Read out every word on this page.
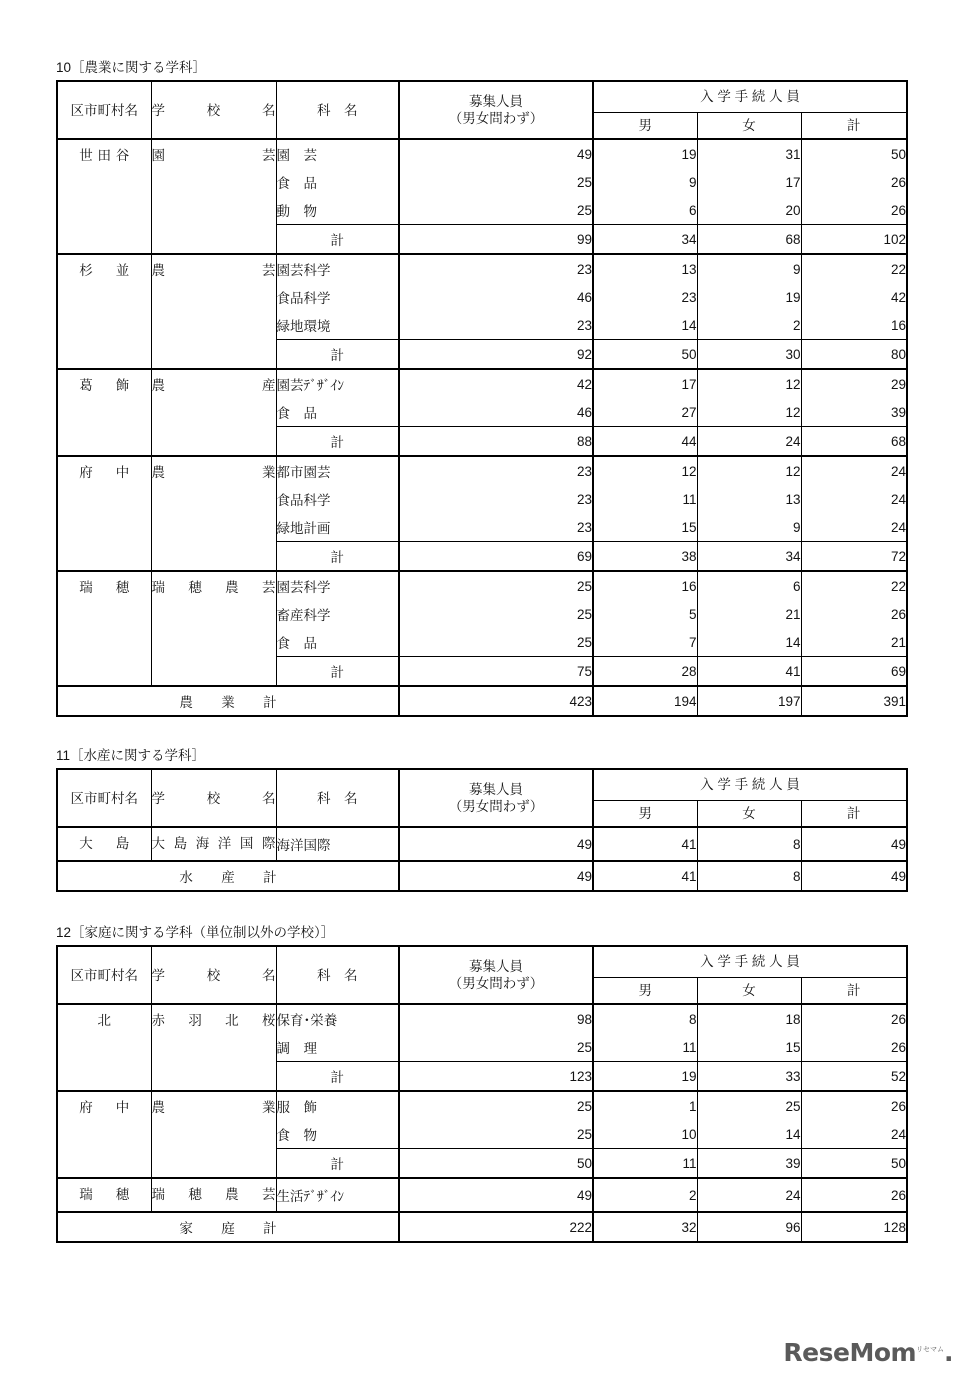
10［農業に関する学科］
区市町村名	学　校　名	科　名	募集人員
（男女問わず）	入 学 手 続 人 員		
				男	女	計
世田谷	園　芸	園　芸	49	19	31	50
		食　品	25	9	17	26
		動　物	25	6	20	26
		計	99	34	68	102
杉　並	農　芸	園芸科学	23	13	9	22
		食品科学	46	23	19	42
		緑地環境	23	14	2	16
		計	92	50	30	80
葛　飾	農　産	園芸ﾃﾞｻﾞｲﾝ	42	17	12	29
		食　品	46	27	12	39
		計	88	44	24	68
府　中	農　業	都市園芸	23	12	12	24
		食品科学	23	11	13	24
		緑地計画	23	15	9	24
		計	69	38	34	72
瑞　穂	瑞　穂　農　芸	園芸科学	25	16	6	22
		畜産科学	25	5	21	26
		食　品	25	7	14	21
		計	75	28	41	69
農　業　計			423	194	197	391
11［水産に関する学科］
区市町村名	学　校　名	科　名	募集人員
（男女問わず）	入 学 手 続 人 員		
				男	女	計
大　島	大 島 海 洋 国 際	海洋国際	49	41	8	49
水　産　計			49	41	8	49
12［家庭に関する学科（単位制以外の学校）］
区市町村名	学　校　名	科　名	募集人員
（男女問わず）	入 学 手 続 人 員		
				男	女	計
北	赤　羽　北　桜	保育･栄養	98	8	18	26
		調　理	25	11	15	26
		計	123	19	33	52
府　中	農　業	服　飾	25	1	25	26
		食　物	25	10	14	24
		計	50	11	39	50
瑞　穂	瑞　穂　農　芸	生活ﾃﾞｻﾞｲﾝ	49	2	24	26
家　庭　計			222	32	96	128
ReseMom$^{リセマム}$.
